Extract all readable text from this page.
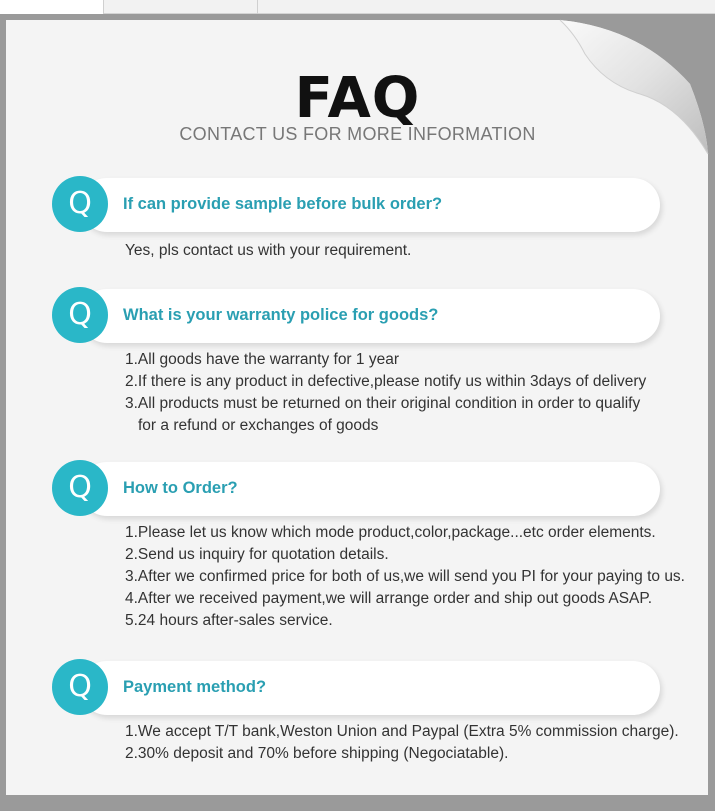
FAQ
CONTACT US FOR MORE INFORMATION
Q	If can provide sample before bulk order?
Yes, pls contact us with your requirement.
Q	What is your warranty police for goods?
1.All goods have the warranty for 1 year
2.If there is any product in defective,please notify us within 3days of delivery
3.All products must be returned on their original condition in order to qualify
for a refund or exchanges of goods
Q	How to Order?
1.Please let us know which mode product,color,package...etc order elements.
2.Send us inquiry for quotation details.
3.After we confirmed price for both of us,we will send you PI for your paying to us.
4.After we received payment,we will arrange order and ship out goods ASAP.
5.24 hours after-sales service.
Q	Payment method?
1.We accept T/T bank,Weston Union and Paypal (Extra 5% commission charge).
2.30% deposit and 70% before shipping (Negociatable).
